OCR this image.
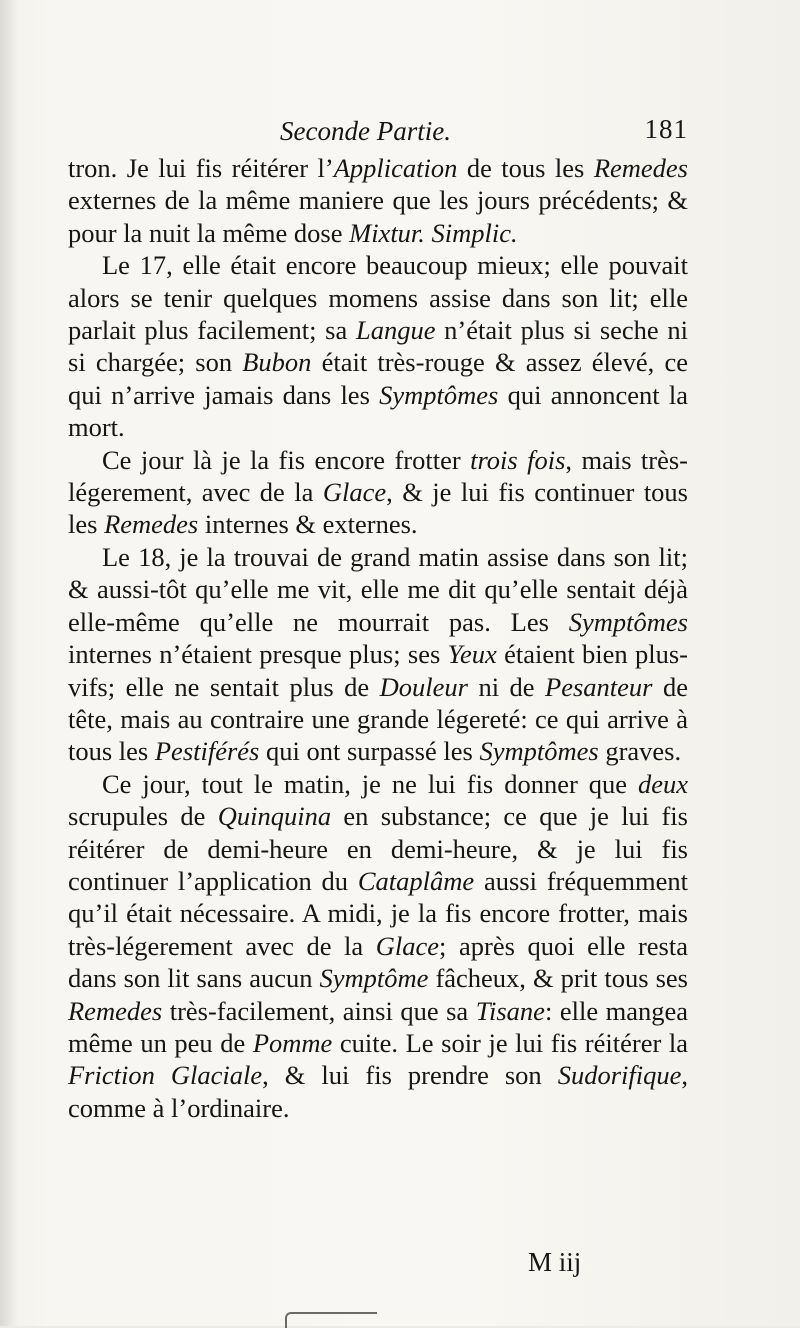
Seconde Partie.	181

tron. Je lui fis réitérer l’Application de tous les Remedes externes de la même maniere que les jours précédents; & pour la nuit la même dose Mixtur. Simplic.

Le 17, elle était encore beaucoup mieux; elle pouvait alors se tenir quelques momens assise dans son lit; elle parlait plus facilement; sa Langue n’était plus si seche ni si chargée; son Bubon était très-rouge & assez élevé, ce qui n’arrive jamais dans les Symptômes qui annoncent la mort.

Ce jour là je la fis encore frotter trois fois, mais très-légerement, avec de la Glace, & je lui fis continuer tous les Remedes internes & externes.

Le 18, je la trouvai de grand matin assise dans son lit; & aussi-tôt qu’elle me vit, elle me dit qu’elle sentait déjà elle-même qu’elle ne mourrait pas. Les Symptômes internes n’étaient presque plus; ses Yeux étaient bien plus-vifs; elle ne sentait plus de Douleur ni de Pesanteur de tête, mais au contraire une grande légereté: ce qui arrive à tous les Pestiférés qui ont surpassé les Symptômes graves.

Ce jour, tout le matin, je ne lui fis donner que deux scrupules de Quinquina en substance; ce que je lui fis réitérer de demi-heure en demi-heure, & je lui fis continuer l’application du Cataplâme aussi fréquemment qu’il était nécessaire. A midi, je la fis encore frotter, mais très-légerement avec de la Glace; après quoi elle resta dans son lit sans aucun Symptôme fâcheux, & prit tous ses Remedes très-facilement, ainsi que sa Tisane: elle mangea même un peu de Pomme cuite. Le soir je lui fis réitérer la Friction Glaciale, & lui fis prendre son Sudorifique, comme à l’ordinaire.

M iij
